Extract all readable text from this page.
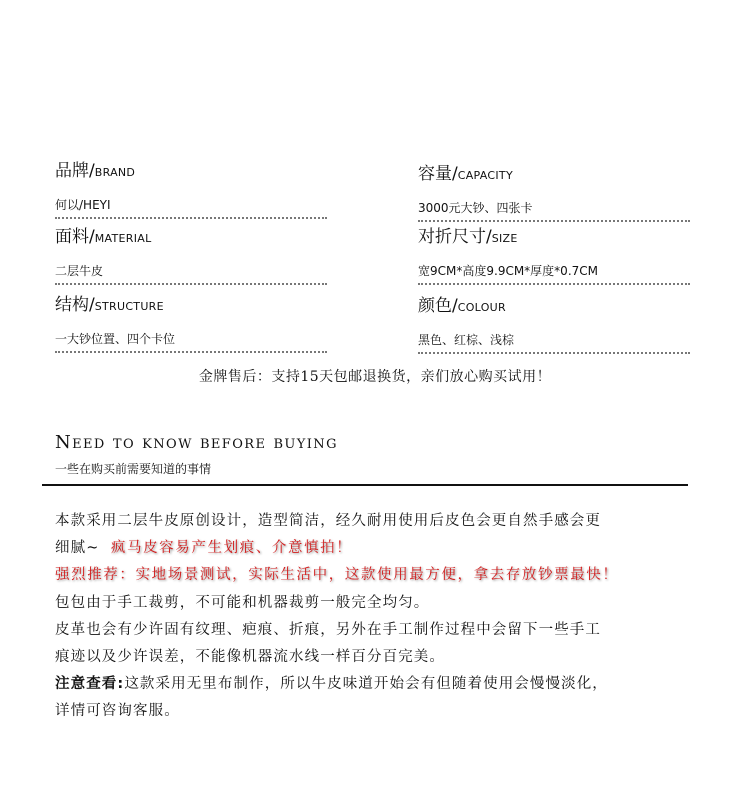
品牌/BRAND
何以/HEYI
容量/CAPACITY
3000元大钞、四张卡
面料/MATERIAL
二层牛皮
对折尺寸/SIZE
宽9CM*高度9.9CM*厚度*0.7CM
结构/STRUCTURE
一大钞位置、四个卡位
颜色/COLOUR
黑色、红棕、浅棕
金牌售后：支持15天包邮退换货，亲们放心购买试用！
Need to know before buying
一些在购买前需要知道的事情
本款采用二层牛皮原创设计，造型简洁，经久耐用使用后皮色会更自然手感会更
细腻~ 疯马皮容易产生划痕、介意慎拍！
强烈推荐：实地场景测试，实际生活中，这款使用最方便，拿去存放钞票最快！
包包由于手工裁剪，不可能和机器裁剪一般完全均匀。
皮革也会有少许固有纹理、疤痕、折痕，另外在手工制作过程中会留下一些手工
痕迹以及少许误差，不能像机器流水线一样百分百完美。
注意查看:这款采用无里布制作，所以牛皮味道开始会有但随着使用会慢慢淡化，
详情可咨询客服。
